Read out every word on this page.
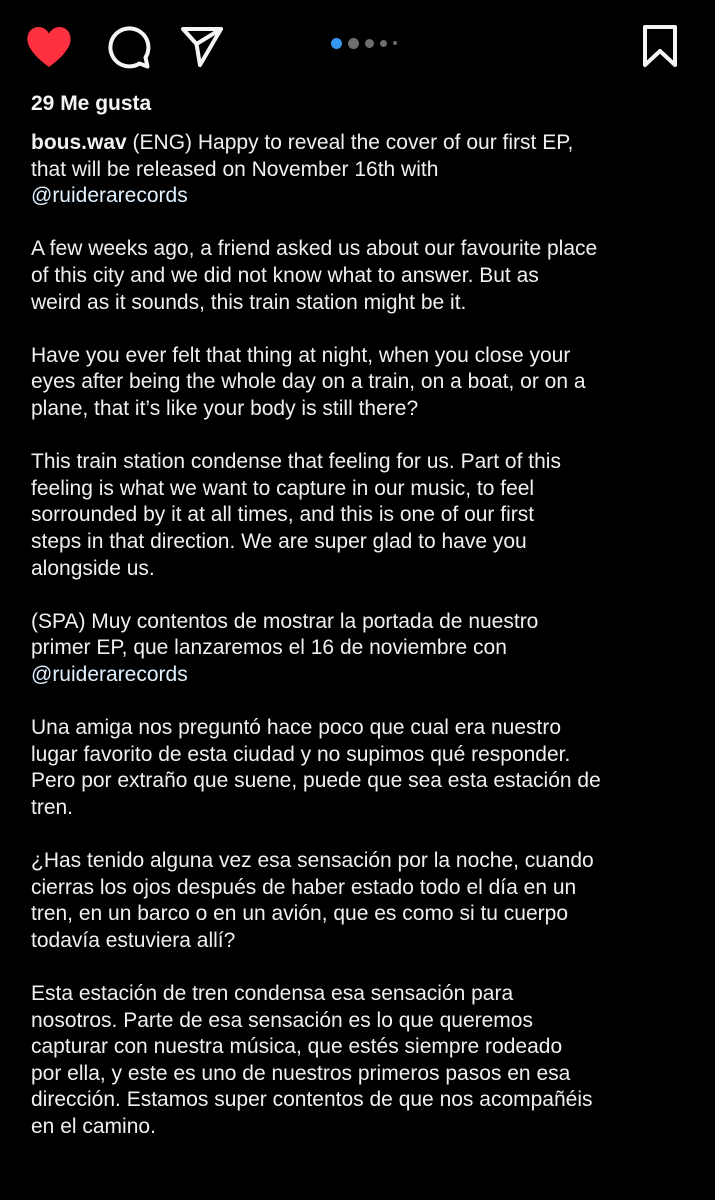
29 Me gusta

bous.wav (ENG) Happy to reveal the cover of our first EP,
that will be released on November 16th with
@ruiderarecords

A few weeks ago, a friend asked us about our favourite place
of this city and we did not know what to answer. But as
weird as it sounds, this train station might be it.

Have you ever felt that thing at night, when you close your
eyes after being the whole day on a train, on a boat, or on a
plane, that it’s like your body is still there?

This train station condense that feeling for us. Part of this
feeling is what we want to capture in our music, to feel
sorrounded by it at all times, and this is one of our first
steps in that direction. We are super glad to have you
alongside us.

(SPA) Muy contentos de mostrar la portada de nuestro
primer EP, que lanzaremos el 16 de noviembre con
@ruiderarecords

Una amiga nos preguntó hace poco que cual era nuestro
lugar favorito de esta ciudad y no supimos qué responder.
Pero por extraño que suene, puede que sea esta estación de
tren.

¿Has tenido alguna vez esa sensación por la noche, cuando
cierras los ojos después de haber estado todo el día en un
tren, en un barco o en un avión, que es como si tu cuerpo
todavía estuviera allí?

Esta estación de tren condensa esa sensación para
nosotros. Parte de esa sensación es lo que queremos
capturar con nuestra música, que estés siempre rodeado
por ella, y este es uno de nuestros primeros pasos en esa
dirección. Estamos super contentos de que nos acompañéis
en el camino.
